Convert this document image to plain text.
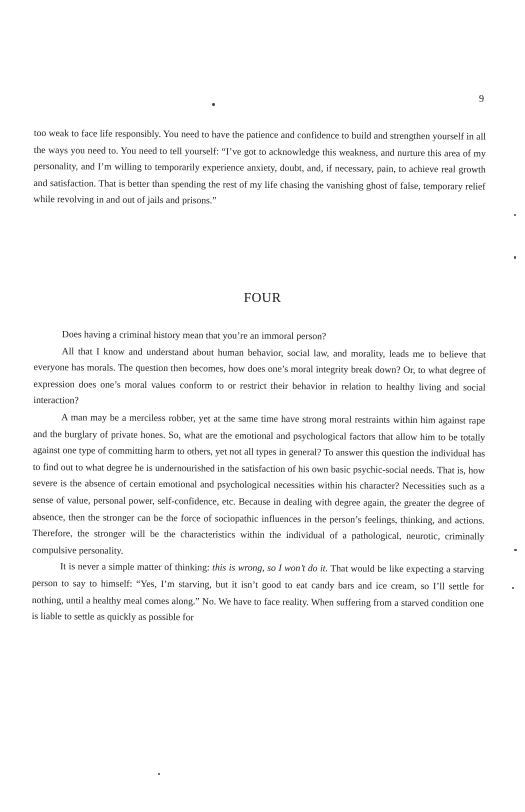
9

too weak to face life responsibly. You need to have the patience and confidence to build and strengthen yourself in all the ways you need to. You need to tell yourself: “I’ve got to acknowledge this weakness, and nurture this area of my personality, and I’m willing to temporarily experience anxiety, doubt, and, if necessary, pain, to achieve real growth and satisfaction. That is better than spending the rest of my life chasing the vanishing ghost of false, temporary relief while revolving in and out of jails and prisons.”

FOUR

Does having a criminal history mean that you’re an immoral person?

All that I know and understand about human behavior, social law, and morality, leads me to believe that everyone has morals. The question then becomes, how does one’s moral integrity break down? Or, to what degree of expression does one’s moral values conform to or restrict their behavior in relation to healthy living and social interaction?

A man may be a merciless robber, yet at the same time have strong moral restraints within him against rape and the burglary of private hones. So, what are the emotional and psychological factors that allow him to be totally against one type of committing harm to others, yet not all types in general? To answer this question the individual has to find out to what degree he is undernourished in the satisfaction of his own basic psychic-social needs. That is, how severe is the absence of certain emotional and psychological necessities within his character? Necessities such as a sense of value, personal power, self-confidence, etc. Because in dealing with degree again, the greater the degree of absence, then the stronger can be the force of sociopathic influences in the person’s feelings, thinking, and actions. Therefore, the stronger will be the characteristics within the individual of a pathological, neurotic, criminally compulsive personality.

It is never a simple matter of thinking: this is wrong, so I won’t do it. That would be like expecting a starving person to say to himself: “Yes, I’m starving, but it isn’t good to eat candy bars and ice cream, so I’ll settle for nothing, until a healthy meal comes along.” No. We have to face reality. When suffering from a starved condition one is liable to settle as quickly as possible for
